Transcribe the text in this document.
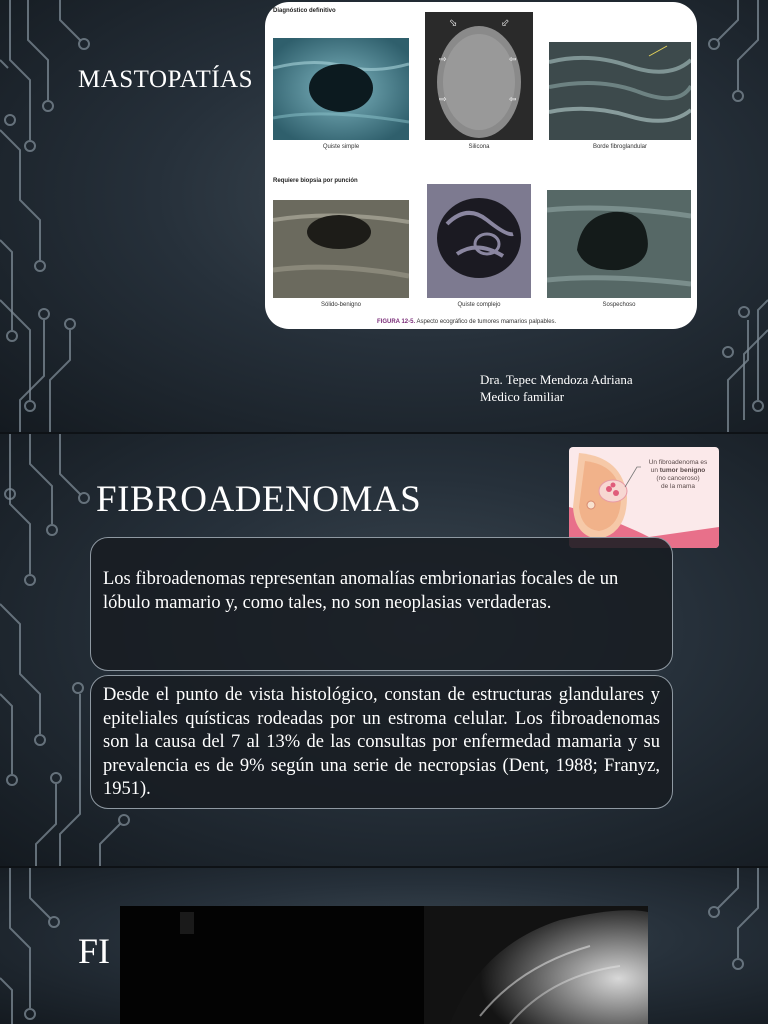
MASTOPATÍAS
Diagnóstico definitivo
⇨	⇦
⇨	⇦
⬂	⬃
Quiste simple	Silicona	Borde fibroglandular
Requiere biopsia por punción
Sólido-benigno	Quiste complejo	Sospechoso
FIGURA 12-5. Aspecto ecográfico de tumores mamarios palpables.
Dra. Tepec Mendoza Adriana
Medico familiar
FIBROADENOMAS
Un fibroadenoma es
un tumor benigno
(no canceroso)
de la mama

Los fibroadenomas representan anomalías embrionarias focales de un lóbulo mamario y, como tales, no son neoplasias verdaderas.

Desde el punto de vista histológico, constan de estructuras glandulares y epiteliales quísticas rodeadas por un estroma celular. Los fibroadenomas son la causa del 7 al 13% de las consultas por enfermedad mamaria y su prevalencia es de 9% según una serie de necropsias (Dent, 1988; Franyz, 1951).

FI
